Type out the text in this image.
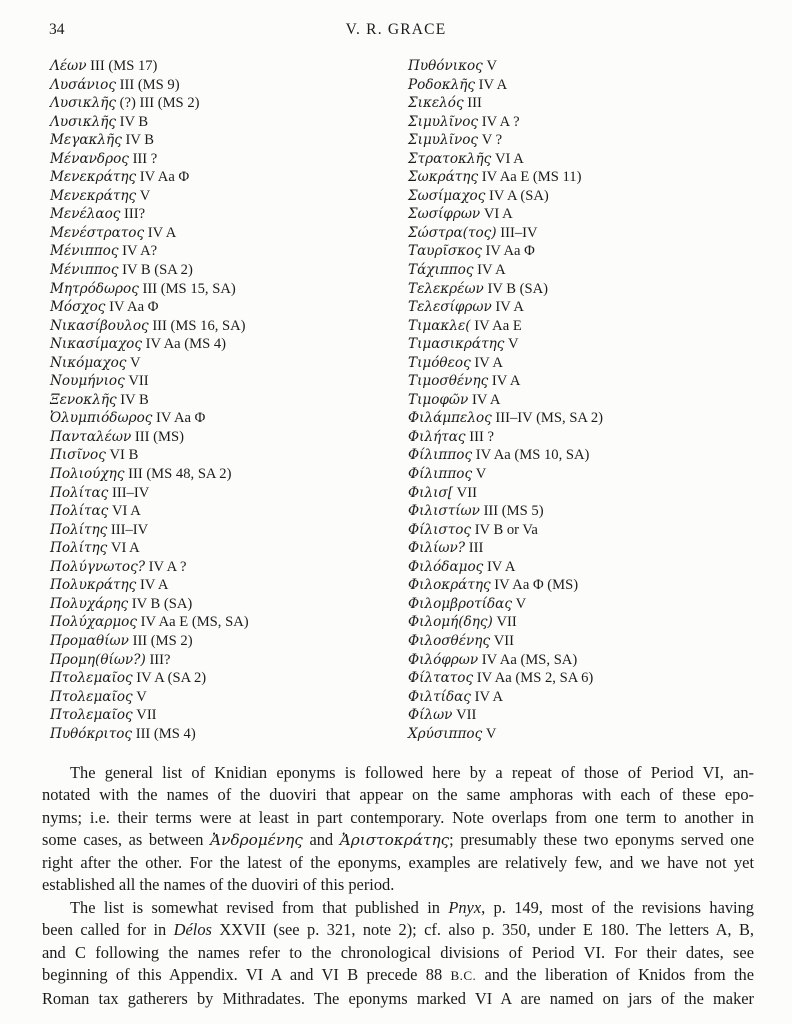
34	V. R. GRACE
Λέων III (MS 17)
Λυσάνιος III (MS 9)
Λυσικλῆς (?) III (MS 2)
Λυσικλῆς IV B
Μεγακλῆς IV B
Μένανδρος III ?
Μενεκράτης IV Aa Φ
Μενεκράτης V
Μενέλαος III?
Μενέστρατος IV A
Μένιππος IV A?
Μένιππος IV B (SA 2)
Μητρόδωρος III (MS 15, SA)
Μόσχος IV Aa Φ
Νικασίβουλος III (MS 16, SA)
Νικασίμαχος IV Aa (MS 4)
Νικόμαχος V
Νουμήνιος VII
Ξενοκλῆς IV B
Ὀλυμπιόδωρος IV Aa Φ
Πανταλέων III (MS)
Πισῖνος VI B
Πολιούχης III (MS 48, SA 2)
Πολίτας III–IV
Πολίτας VI A
Πολίτης III–IV
Πολίτης VI A
Πολύγνωτος? IV A ?
Πολυκράτης IV A
Πολυχάρης IV B (SA)
Πολύχαρμος IV Aa E (MS, SA)
Προμαθίων III (MS 2)
Προμη(θίων?) III?
Πτολεμαῖος IV A (SA 2)
Πτολεμαῖος V
Πτολεμαῖος VII
Πυθόκριτος III (MS 4)
Πυθόνικος V
Ροδοκλῆς IV A
Σικελός III
Σιμυλῖνος IV A ?
Σιμυλῖνος V ?
Στρατοκλῆς VI A
Σωκράτης IV Aa E (MS 11)
Σωσίμαχος IV A (SA)
Σωσίφρων VI A
Σώστρα(τος) III–IV
Ταυρῖσκος IV Aa Φ
Τάχιππος IV A
Τελεκρέων IV B (SA)
Τελεσίφρων IV A
Τιμακλε( IV Aa E
Τιμασικράτης V
Τιμόθεος IV A
Τιμοσθένης IV A
Τιμοφῶν IV A
Φιλάμπελος III–IV (MS, SA 2)
Φιλήτας III ?
Φίλιππος IV Aa (MS 10, SA)
Φίλιππος V
Φιλισ[ VII
Φιλιστίων III (MS 5)
Φίλιστος IV B or Va
Φιλίων? III
Φιλόδαμος IV A
Φιλοκράτης IV Aa Φ (MS)
Φιλομβροτίδας V
Φιλομή(δης) VII
Φιλοσθένης VII
Φιλόφρων IV Aa (MS, SA)
Φίλτατος IV Aa (MS 2, SA 6)
Φιλτίδας IV A
Φίλων VII
Χρύσιππος V
The general list of Knidian eponyms is followed here by a repeat of those of Period VI, an-
notated with the names of the duoviri that appear on the same amphoras with each of these epo-
nyms; i.e. their terms were at least in part contemporary. Note overlaps from one term to another in
some cases, as between Ἀνδρομένης and Ἀριστοκράτης; presumably these two eponyms served one
right after the other. For the latest of the eponyms, examples are relatively few, and we have not yet
established all the names of the duoviri of this period.
The list is somewhat revised from that published in Pnyx, p. 149, most of the revisions having
been called for in Délos XXVII (see p. 321, note 2); cf. also p. 350, under E 180. The letters A, B,
and C following the names refer to the chronological divisions of Period VI. For their dates, see
beginning of this Appendix. VI A and VI B precede 88 B.C. and the liberation of Knidos from the
Roman tax gatherers by Mithradates. The eponyms marked VI A are named on jars of the maker
